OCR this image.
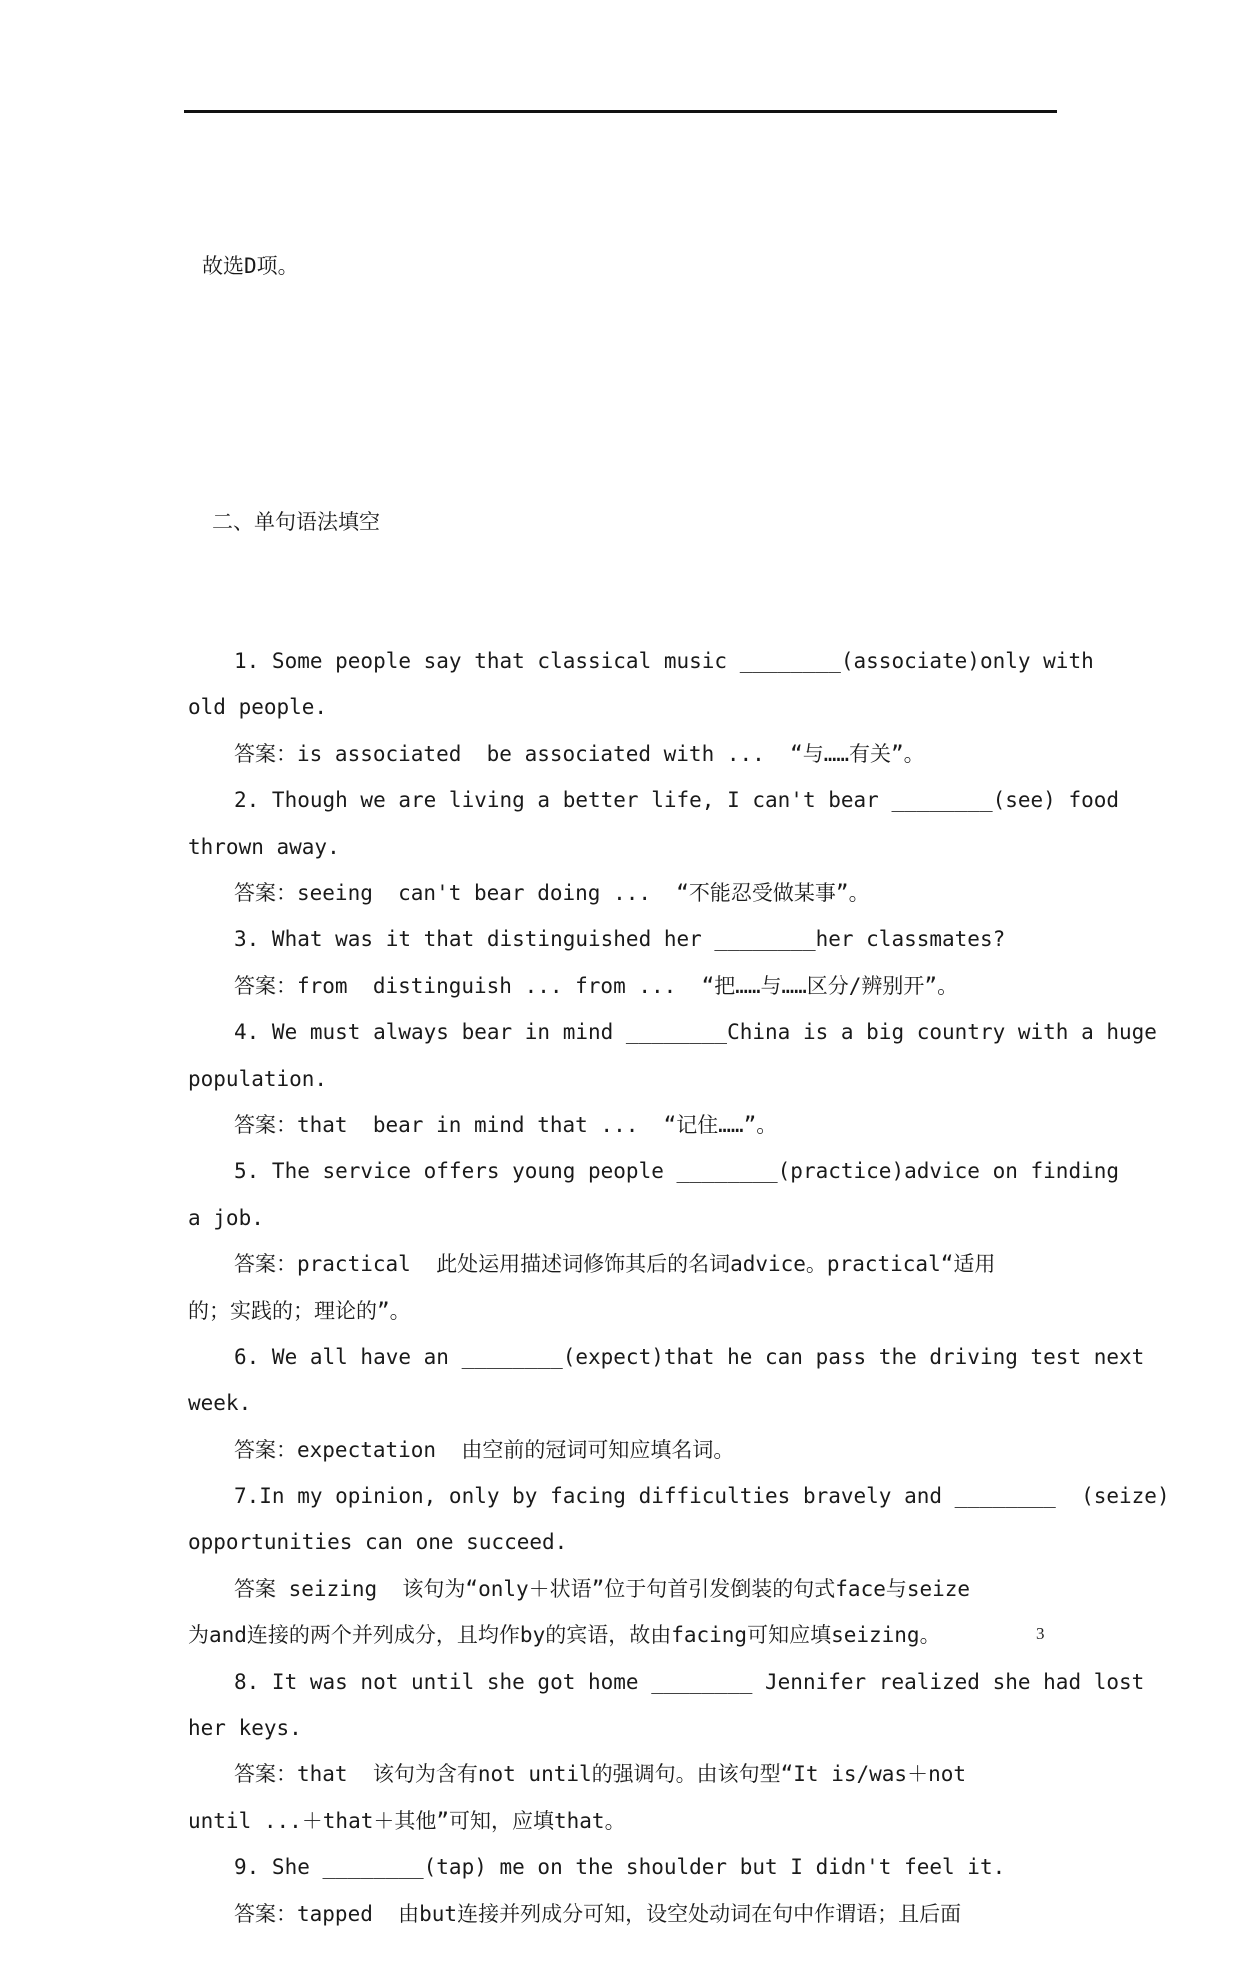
故选D项。

二、单句语法填空

1. Some people say that classical music ________(associate)only with
old people.
答案：is associated  be associated with ...  “与……有关”。
2. Though we are living a better life, I can't bear ________(see) food
thrown away.
答案：seeing  can't bear doing ...  “不能忍受做某事”。
3. What was it that distinguished her ________her classmates?
答案：from  distinguish ... from ...  “把……与……区分/辨别开”。
4. We must always bear in mind ________China is a big country with a huge
population.
答案：that  bear in mind that ...  “记住……”。
5. The service offers young people ________(practice)advice on finding
a job.
答案：practical  此处运用描述词修饰其后的名词advice。practical“适用
的；实践的；理论的”。
6. We all have an ________(expect)that he can pass the driving test next
week.
答案：expectation  由空前的冠词可知应填名词。
7.In my opinion, only by facing difficulties bravely and ________  (seize)
opportunities can one succeed.
答案 seizing  该句为“only＋状语”位于句首引发倒装的句式face与seize
为and连接的两个并列成分，且均作by的宾语，故由facing可知应填seizing。
8. It was not until she got home ________ Jennifer realized she had lost
her keys.
答案：that  该句为含有not until的强调句。由该句型“It is/was＋not
until ...＋that＋其他”可知，应填that。
9. She ________(tap) me on the shoulder but I didn't feel it.
答案：tapped  由but连接并列成分可知，设空处动词在句中作谓语；且后面

3
